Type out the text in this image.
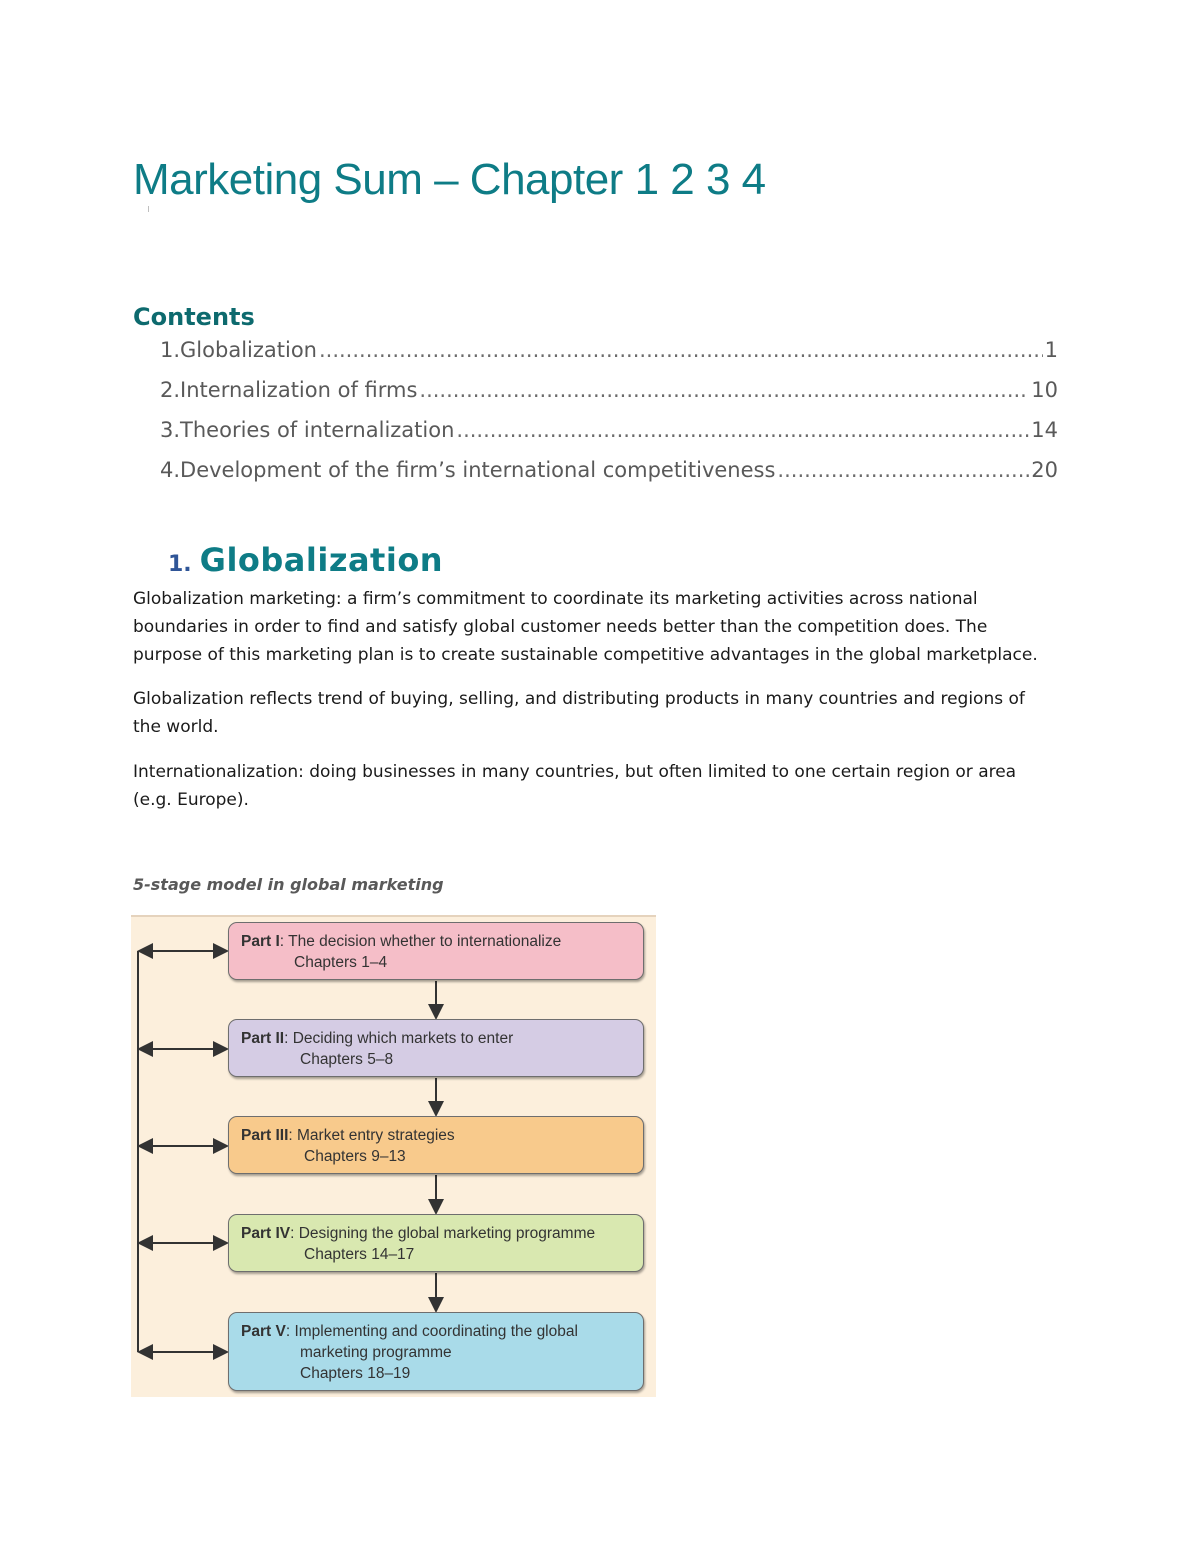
Marketing Sum – Chapter 1 2 3 4
Contents
1.Globalization .....	1
2.Internalization of firms .....	10
3.Theories of internalization .....	14
4.Development of the firm’s international competitiveness .....	20
1. Globalization

Globalization marketing: a firm’s commitment to coordinate its marketing activities across national boundaries in order to find and satisfy global customer needs better than the competition does. The purpose of this marketing plan is to create sustainable competitive advantages in the global marketplace.

Globalization reflects trend of buying, selling, and distributing products in many countries and regions of the world.

Internationalization: doing businesses in many countries, but often limited to one certain region or area (e.g. Europe).

5-stage model in global marketing

Part I: The decision whether to internationalize
Chapters 1–4
Part II: Deciding which markets to enter
Chapters 5–8
Part III: Market entry strategies
Chapters 9–13
Part IV: Designing the global marketing programme
Chapters 14–17
Part V: Implementing and coordinating the global
marketing programme
Chapters 18–19
